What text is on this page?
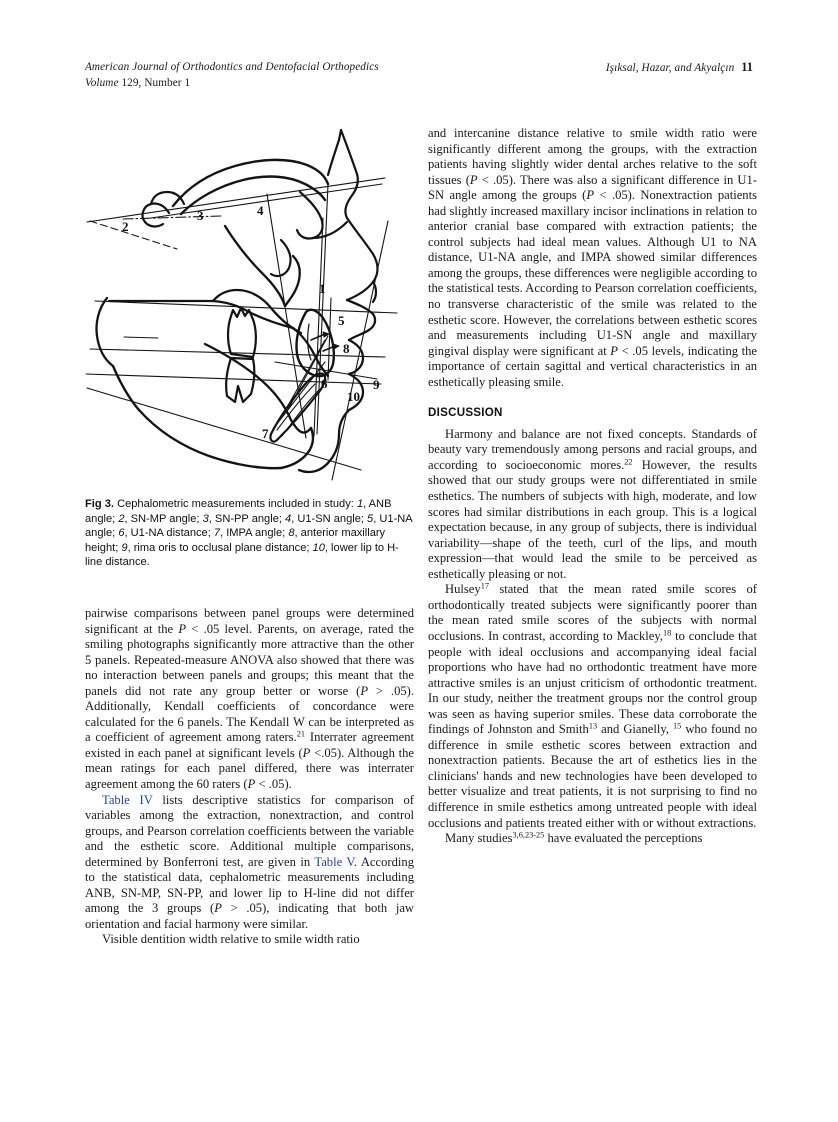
American Journal of Orthodontics and Dentofacial Orthopedics
Volume 129, Number 1
Işıksal, Hazar, and Akyalçın 11
2
3	4
1
5
8
6	9
10
7
Fig 3. Cephalometric measurements included in study: 1, ANB angle; 2, SN-MP angle; 3, SN-PP angle; 4, U1-SN angle; 5, U1-NA angle; 6, U1-NA distance; 7, IMPA angle; 8, anterior maxillary height; 9, rima oris to occlusal plane distance; 10, lower lip to H-line distance.

pairwise comparisons between panel groups were determined significant at the P < .05 level. Parents, on average, rated the smiling photographs significantly more attractive than the other 5 panels. Repeated-measure ANOVA also showed that there was no interaction between panels and groups; this meant that the panels did not rate any group better or worse (P > .05). Additionally, Kendall coefficients of concordance were calculated for the 6 panels. The Kendall W can be interpreted as a coefficient of agreement among raters.$^{21}$ Interrater agreement existed in each panel at significant levels (P <.05). Although the mean ratings for each panel differed, there was interrater agreement among the 60 raters (P < .05).

Table IV lists descriptive statistics for comparison of variables among the extraction, nonextraction, and control groups, and Pearson correlation coefficients between the variable and the esthetic score. Additional multiple comparisons, determined by Bonferroni test, are given in Table V. According to the statistical data, cephalometric measurements including ANB, SN-MP, SN-PP, and lower lip to H-line did not differ among the 3 groups (P > .05), indicating that both jaw orientation and facial harmony were similar.

Visible dentition width relative to smile width ratio

and intercanine distance relative to smile width ratio were significantly different among the groups, with the extraction patients having slightly wider dental arches relative to the soft tissues (P < .05). There was also a significant difference in U1-SN angle among the groups (P < .05). Nonextraction patients had slightly increased maxillary incisor inclinations in relation to anterior cranial base compared with extraction patients; the control subjects had ideal mean values. Although U1 to NA distance, U1-NA angle, and IMPA showed similar differences among the groups, these differences were negligible according to the statistical tests. According to Pearson correlation coefficients, no transverse characteristic of the smile was related to the esthetic score. However, the correlations between esthetic scores and measurements including U1-SN angle and maxillary gingival display were significant at P < .05 levels, indicating the importance of certain sagittal and vertical characteristics in an esthetically pleasing smile.

DISCUSSION

Harmony and balance are not fixed concepts. Standards of beauty vary tremendously among persons and racial groups, and according to socioeconomic mores.$^{22}$ However, the results showed that our study groups were not differentiated in smile esthetics. The numbers of subjects with high, moderate, and low scores had similar distributions in each group. This is a logical expectation because, in any group of subjects, there is individual variability—shape of the teeth, curl of the lips, and mouth expression—that would lead the smile to be perceived as esthetically pleasing or not.

Hulsey$^{17}$ stated that the mean rated smile scores of orthodontically treated subjects were significantly poorer than the mean rated smile scores of the subjects with normal occlusions. In contrast, according to Mackley,$^{18}$ to conclude that people with ideal occlusions and accompanying ideal facial proportions who have had no orthodontic treatment have more attractive smiles is an unjust criticism of orthodontic treatment. In our study, neither the treatment groups nor the control group was seen as having superior smiles. These data corroborate the findings of Johnston and Smith$^{13}$ and Gianelly, $^{15}$ who found no difference in smile esthetic scores between extraction and nonextraction patients. Because the art of esthetics lies in the clinicians' hands and new technologies have been developed to better visualize and treat patients, it is not surprising to find no difference in smile esthetics among untreated people with ideal occlusions and patients treated either with or without extractions.

Many studies$^{3,6,23-25}$ have evaluated the perceptions
